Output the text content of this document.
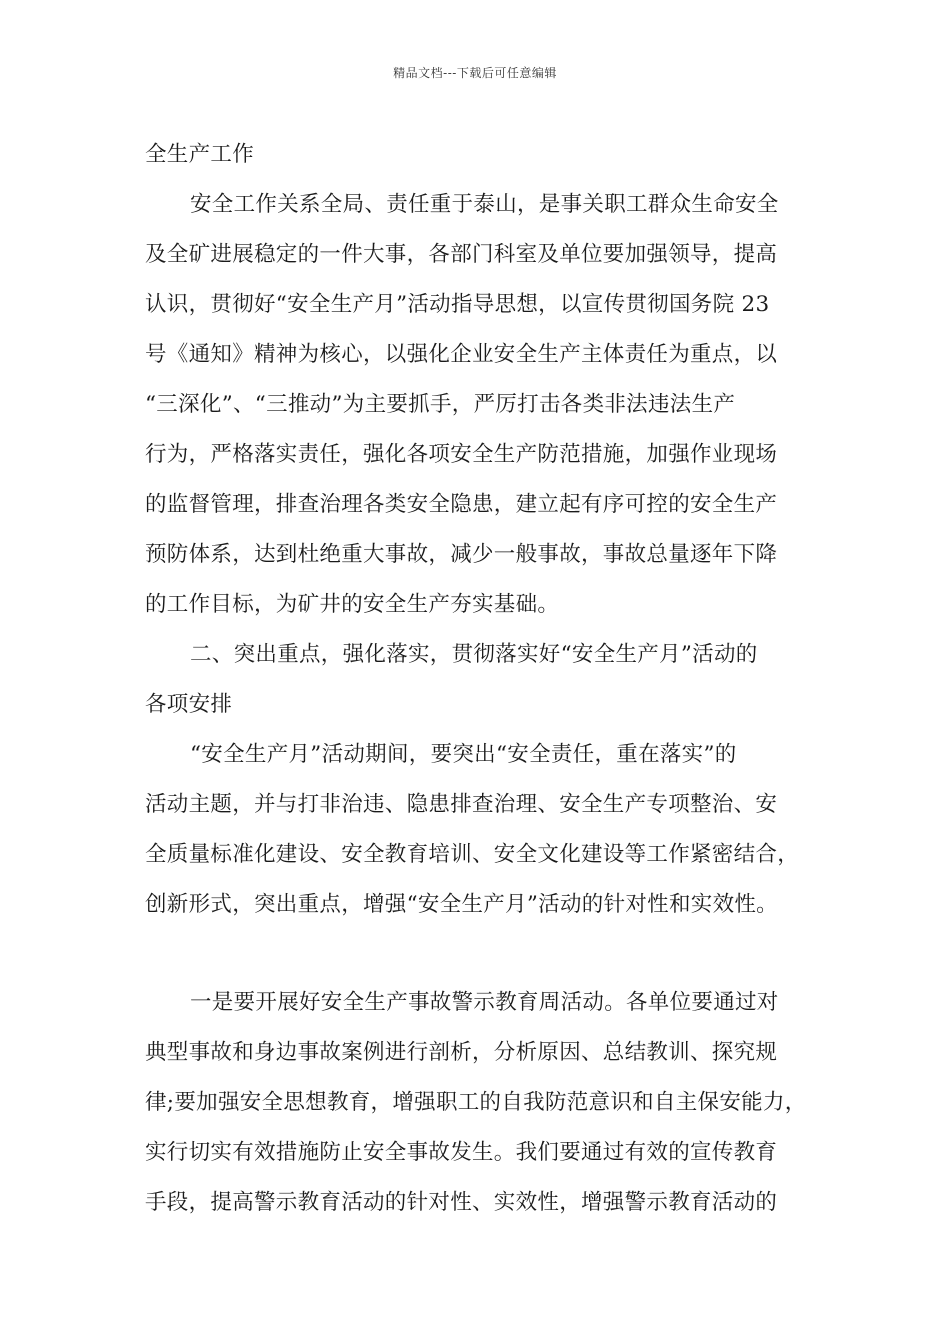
精品文档---下载后可任意编辑
全生产工作
安全工作关系全局、责任重于泰山，是事关职工群众生命安全
及全矿进展稳定的一件大事，各部门科室及单位要加强领导，提高
认识，贯彻好“安全生产月”活动指导思想，以宣传贯彻国务院 23
号《通知》精神为核心，以强化企业安全生产主体责任为重点，以
“三深化”、“三推动”为主要抓手，严厉打击各类非法违法生产
行为，严格落实责任，强化各项安全生产防范措施，加强作业现场
的监督管理，排查治理各类安全隐患，建立起有序可控的安全生产
预防体系，达到杜绝重大事故，减少一般事故，事故总量逐年下降
的工作目标，为矿井的安全生产夯实基础。
二、突出重点，强化落实，贯彻落实好“安全生产月”活动的
各项安排
“安全生产月”活动期间，要突出“安全责任，重在落实”的
活动主题，并与打非治违、隐患排查治理、安全生产专项整治、安
全质量标准化建设、安全教育培训、安全文化建设等工作紧密结合，
创新形式，突出重点，增强“安全生产月”活动的针对性和实效性。
一是要开展好安全生产事故警示教育周活动。各单位要通过对
典型事故和身边事故案例进行剖析，分析原因、总结教训、探究规
律;要加强安全思想教育，增强职工的自我防范意识和自主保安能力，
实行切实有效措施防止安全事故发生。我们要通过有效的宣传教育
手段，提高警示教育活动的针对性、实效性，增强警示教育活动的
